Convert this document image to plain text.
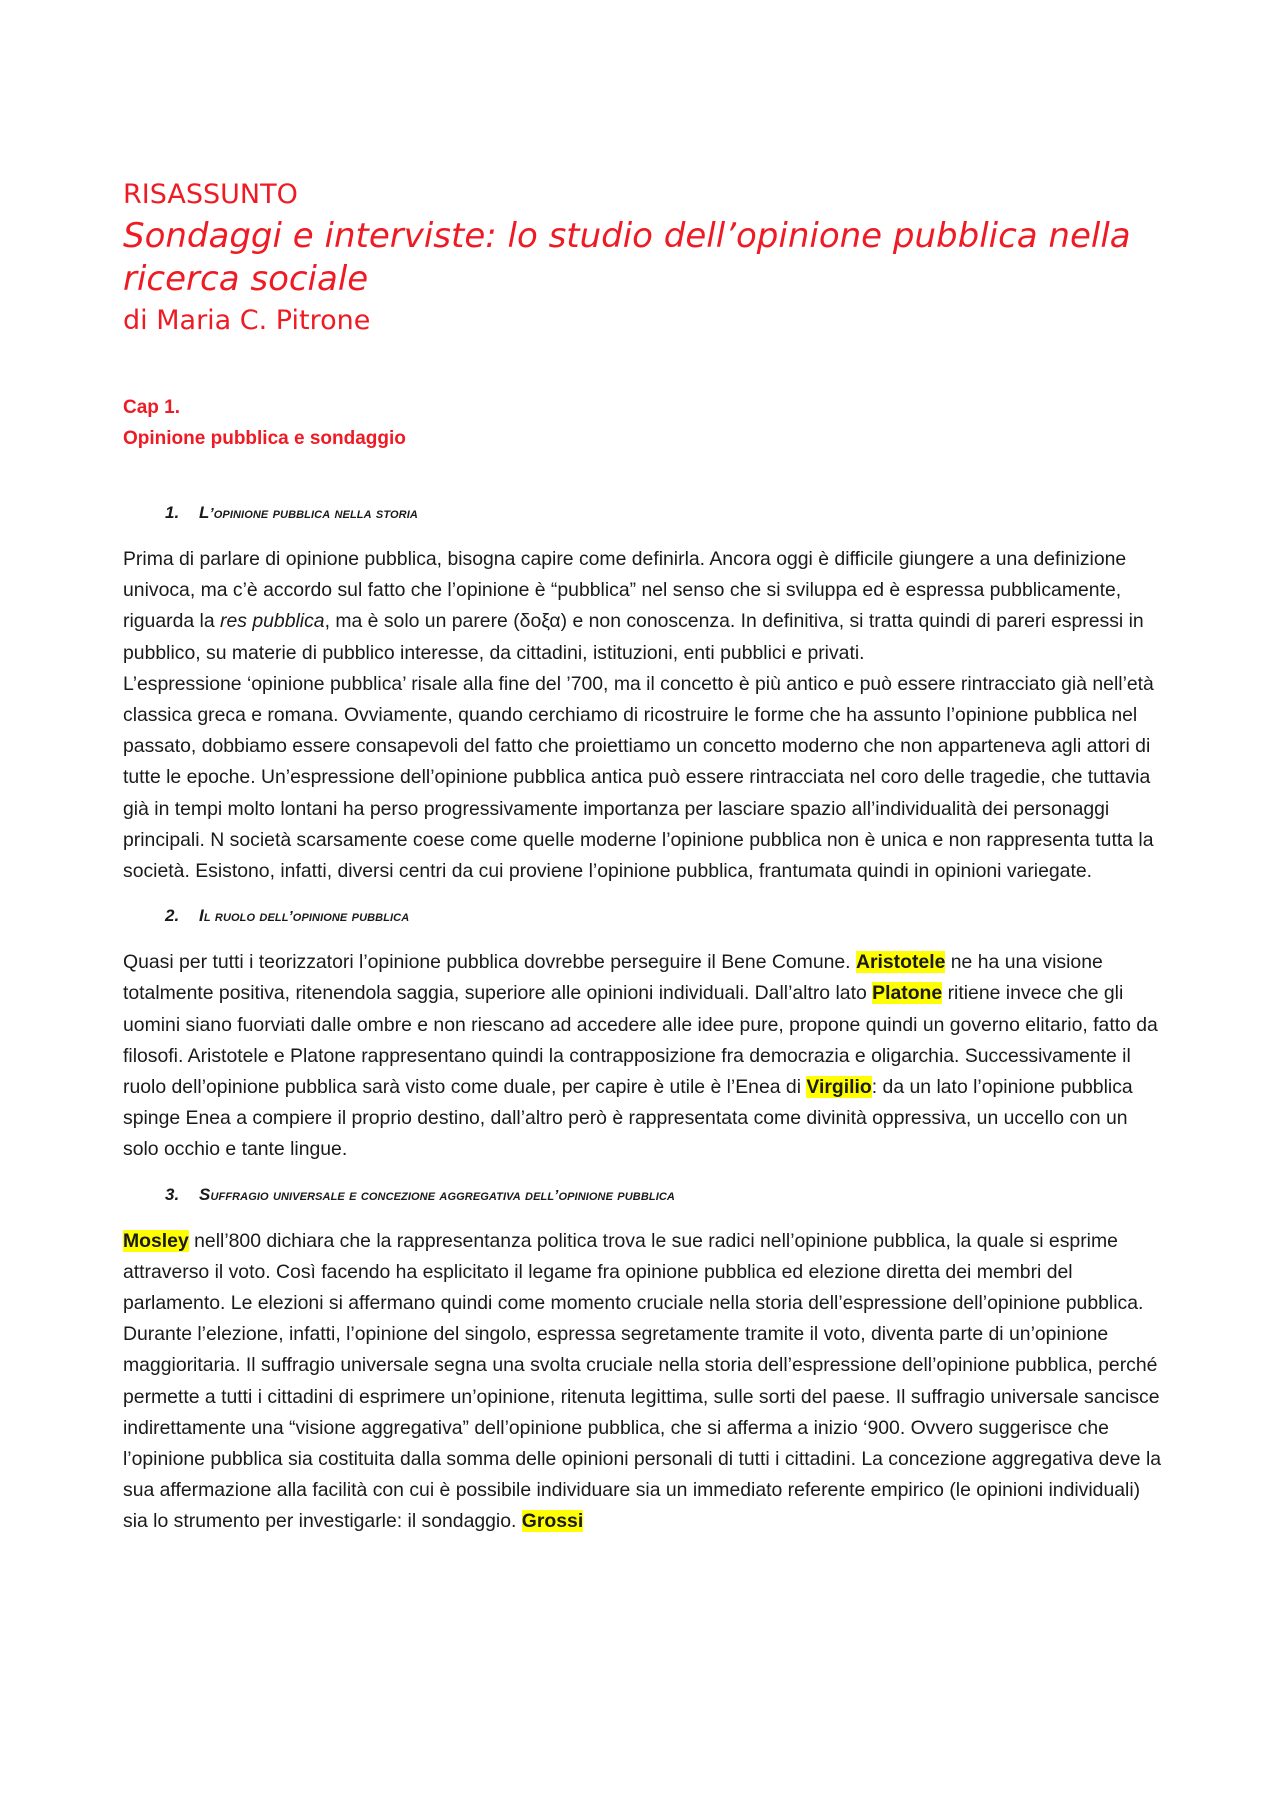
RISASSUNTO
Sondaggi e interviste: lo studio dell’opinione pubblica nella ricerca sociale
di Maria C. Pitrone
Cap 1.
Opinione pubblica e sondaggio
1. L’opinione pubblica nella storia
Prima di parlare di opinione pubblica, bisogna capire come definirla. Ancora oggi è difficile giungere a una definizione univoca, ma c’è accordo sul fatto che l’opinione è “pubblica” nel senso che si sviluppa ed è espressa pubblicamente, riguarda la res pubblica, ma è solo un parere (δοξα) e non conoscenza. In definitiva, si tratta quindi di pareri espressi in pubblico, su materie di pubblico interesse, da cittadini, istituzioni, enti pubblici e privati.
L’espressione ‘opinione pubblica’ risale alla fine del ’700, ma il concetto è più antico e può essere rintracciato già nell’età classica greca e romana. Ovviamente, quando cerchiamo di ricostruire le forme che ha assunto l’opinione pubblica nel passato, dobbiamo essere consapevoli del fatto che proiettiamo un concetto moderno che non apparteneva agli attori di tutte le epoche. Un’espressione dell’opinione pubblica antica può essere rintracciata nel coro delle tragedie, che tuttavia già in tempi molto lontani ha perso progressivamente importanza per lasciare spazio all’individualità dei personaggi principali. N società scarsamente coese come quelle moderne l’opinione pubblica non è unica e non rappresenta tutta la società. Esistono, infatti, diversi centri da cui proviene l’opinione pubblica, frantumata quindi in opinioni variegate.
2. Il ruolo dell’opinione pubblica
Quasi per tutti i teorizzatori l’opinione pubblica dovrebbe perseguire il Bene Comune. Aristotele ne ha una visione totalmente positiva, ritenendola saggia, superiore alle opinioni individuali. Dall’altro lato Platone ritiene invece che gli uomini siano fuorviati dalle ombre e non riescano ad accedere alle idee pure, propone quindi un governo elitario, fatto da filosofi. Aristotele e Platone rappresentano quindi la contrapposizione fra democrazia e oligarchia. Successivamente il ruolo dell’opinione pubblica sarà visto come duale, per capire è utile è l’Enea di Virgilio: da un lato l’opinione pubblica spinge Enea a compiere il proprio destino, dall’altro però è rappresentata come divinità oppressiva, un uccello con un solo occhio e tante lingue.
3. Suffragio universale e concezione aggregativa dell’opinione pubblica
Mosley nell’800 dichiara che la rappresentanza politica trova le sue radici nell’opinione pubblica, la quale si esprime attraverso il voto. Così facendo ha esplicitato il legame fra opinione pubblica ed elezione diretta dei membri del parlamento. Le elezioni si affermano quindi come momento cruciale nella storia dell’espressione dell’opinione pubblica. Durante l’elezione, infatti, l’opinione del singolo, espressa segretamente tramite il voto, diventa parte di un’opinione maggioritaria. Il suffragio universale segna una svolta cruciale nella storia dell’espressione dell’opinione pubblica, perché permette a tutti i cittadini di esprimere un’opinione, ritenuta legittima, sulle sorti del paese. Il suffragio universale sancisce indirettamente una “visione aggregativa” dell’opinione pubblica, che si afferma a inizio ‘900. Ovvero suggerisce che l’opinione pubblica sia costituita dalla somma delle opinioni personali di tutti i cittadini. La concezione aggregativa deve la sua affermazione alla facilità con cui è possibile individuare sia un immediato referente empirico (le opinioni individuali) sia lo strumento per investigarle: il sondaggio. Grossi
